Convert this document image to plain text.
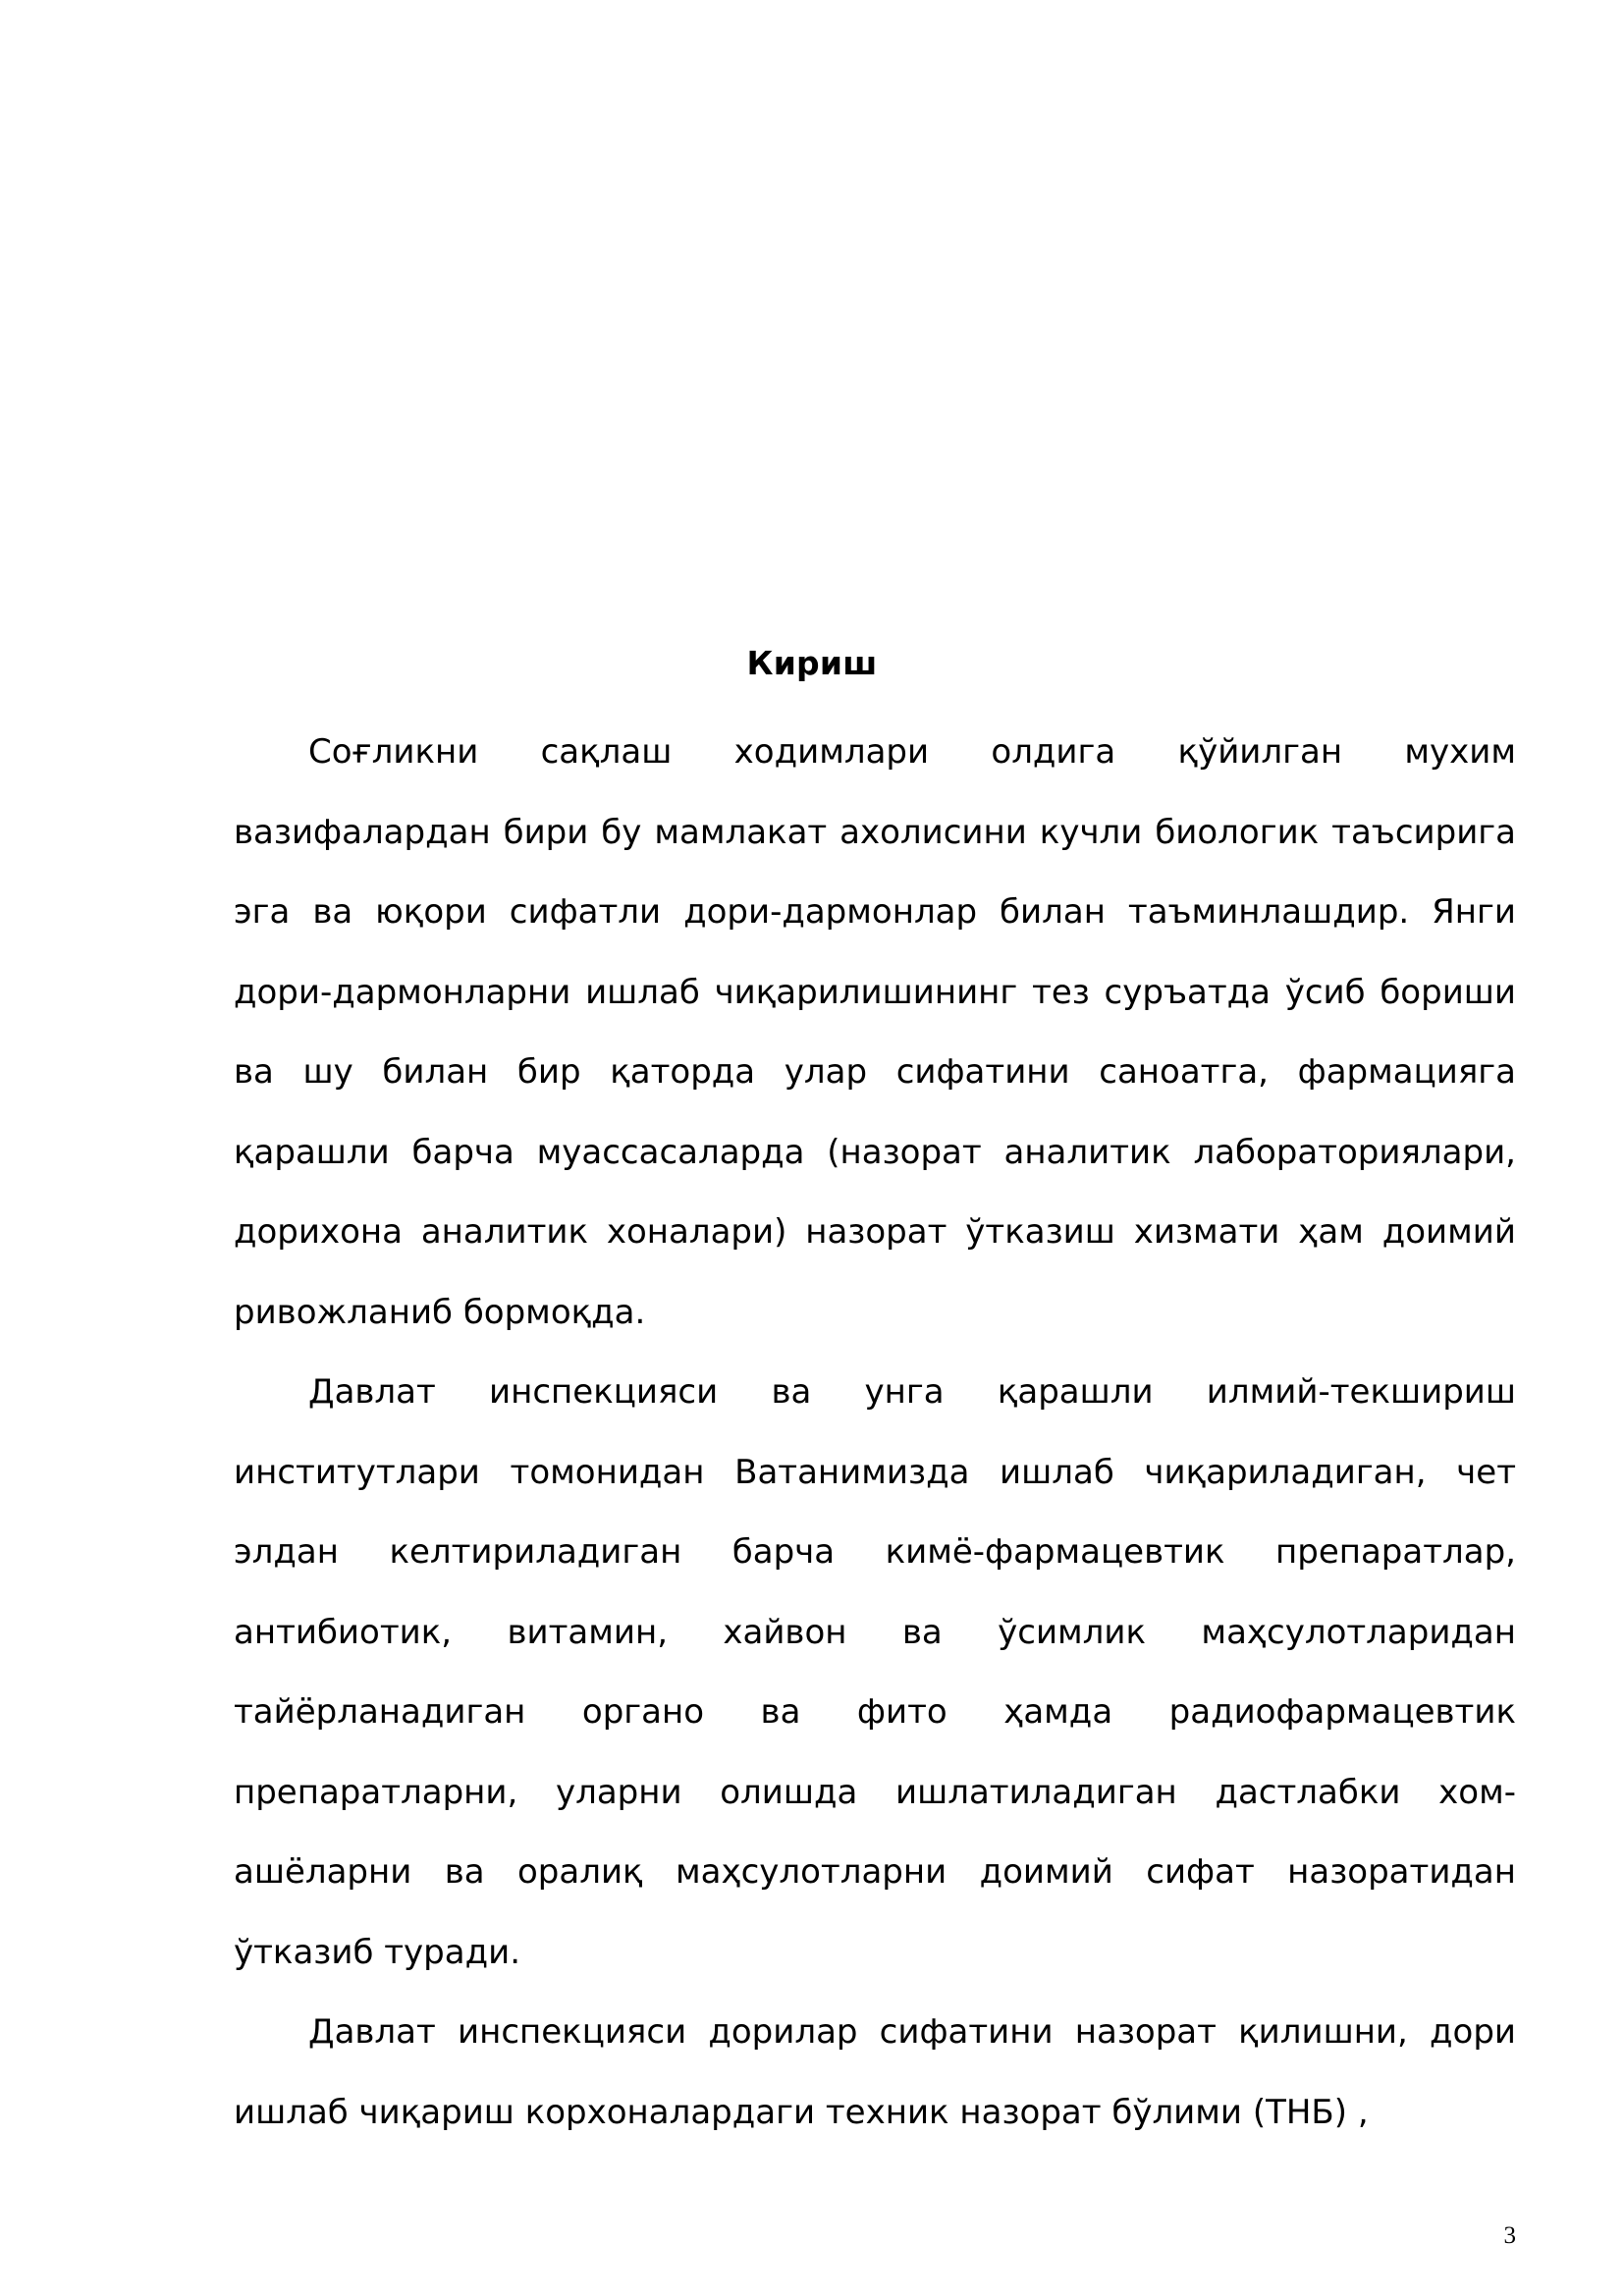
Кириш

Соғликни сақлаш ходимлари олдига қўйилган мухим вазифалардан бири бу мамлакат ахолисини кучли биологик таъсирига эга ва юқори сифатли дори-дармонлар билан таъминлашдир. Янги дори-дармонларни ишлаб чиқарилишининг тез суръатда ўсиб бориши ва шу билан бир қаторда улар сифатини саноатга, фармацияга қарашли барча муассасаларда (назорат аналитик лабораториялари, дорихона аналитик хоналари) назорат ўтказиш хизмати ҳам доимий ривожланиб бормоқда.

Давлат инспекцияси ва унга қарашли илмий-текшириш институтлари томонидан Ватанимизда ишлаб чиқариладиган, чет элдан келтириладиган барча кимё-фармацевтик препаратлар, антибиотик, витамин, хайвон ва ўсимлик маҳсулотларидан тайёрланадиган органо ва фито ҳамда радиофармацевтик препаратларни, уларни олишда ишлатиладиган дастлабки хом-ашёларни ва оралиқ маҳсулотларни доимий сифат назоратидан ўтказиб туради.

Давлат инспекцияси дорилар сифатини назорат қилишни, дори ишлаб чиқариш корхоналардаги техник назорат бўлими (ТНБ) ,

3
